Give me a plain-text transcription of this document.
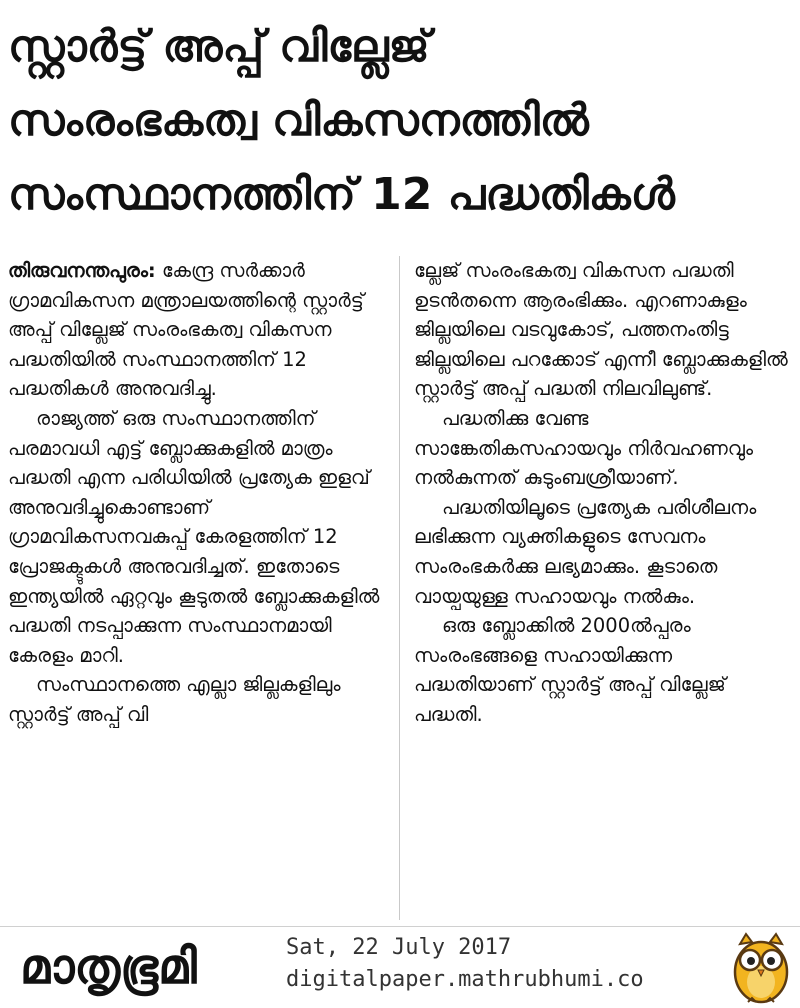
സ്റ്റാർട്ട് അപ്പ് വില്ലേജ്
സംരംഭകത്വ വികസനത്തിൽ
സംസ്ഥാനത്തിന് 12 പദ്ധതികൾ

തിരുവനന്തപുരം: കേന്ദ്ര സർക്കാർ ഗ്രാമവികസന മന്ത്രാലയത്തിന്റെ സ്റ്റാർട്ട് അപ്പ് വില്ലേജ് സംരംഭകത്വ വികസന പദ്ധതിയിൽ സംസ്ഥാനത്തിന് 12 പദ്ധതികൾ അനുവദിച്ചു.

രാജ്യത്ത് ഒരു സംസ്ഥാനത്തിന് പരമാവധി എട്ട് ബ്ലോക്കുകളിൽ മാത്രം പദ്ധതി എന്ന പരിധിയിൽ പ്രത്യേക ഇളവ് അനുവദിച്ചുകൊണ്ടാണ് ഗ്രാമവികസനവകുപ്പ് കേരളത്തിന് 12 പ്രോജക്ടുകൾ അനുവദിച്ചത്. ഇതോടെ ഇന്ത്യയിൽ ഏറ്റവും കൂടുതൽ ബ്ലോക്കുകളിൽ പദ്ധതി നടപ്പാക്കുന്ന സംസ്ഥാനമായി കേരളം മാറി.

സംസ്ഥാനത്തെ എല്ലാ ജില്ലകളിലും സ്റ്റാർട്ട് അപ്പ് വി

ല്ലേജ് സംരംഭകത്വ വികസന പദ്ധതി ഉടൻതന്നെ ആരംഭിക്കും. എറണാകുളം ജില്ലയിലെ വടവുകോട്, പത്തനംതിട്ട ജില്ലയിലെ പറക്കോട് എന്നീ ബ്ലോക്കുകളിൽ സ്റ്റാർട്ട് അപ്പ് പദ്ധതി നിലവിലുണ്ട്.

പദ്ധതിക്കു വേണ്ട സാങ്കേതികസഹായവും നിർവഹണവും നൽകുന്നത് കുടുംബശ്രീയാണ്.

പദ്ധതിയിലൂടെ പ്രത്യേക പരിശീലനം ലഭിക്കുന്ന വ്യക്തികളുടെ സേവനം സംരംഭകർക്കു ലഭ്യമാക്കും. കൂടാതെ വായ്പയുള്ള സഹായവും നൽകും.

ഒരു ബ്ലോക്കിൽ 2000ൽപ്പരം സംരംഭങ്ങളെ സഹായിക്കുന്ന പദ്ധതിയാണ് സ്റ്റാർട്ട് അപ്പ് വില്ലേജ് പദ്ധതി.

മാതൃഭൂമി	Sat, 22 July 2017
digitalpaper.mathrubhumi.co
